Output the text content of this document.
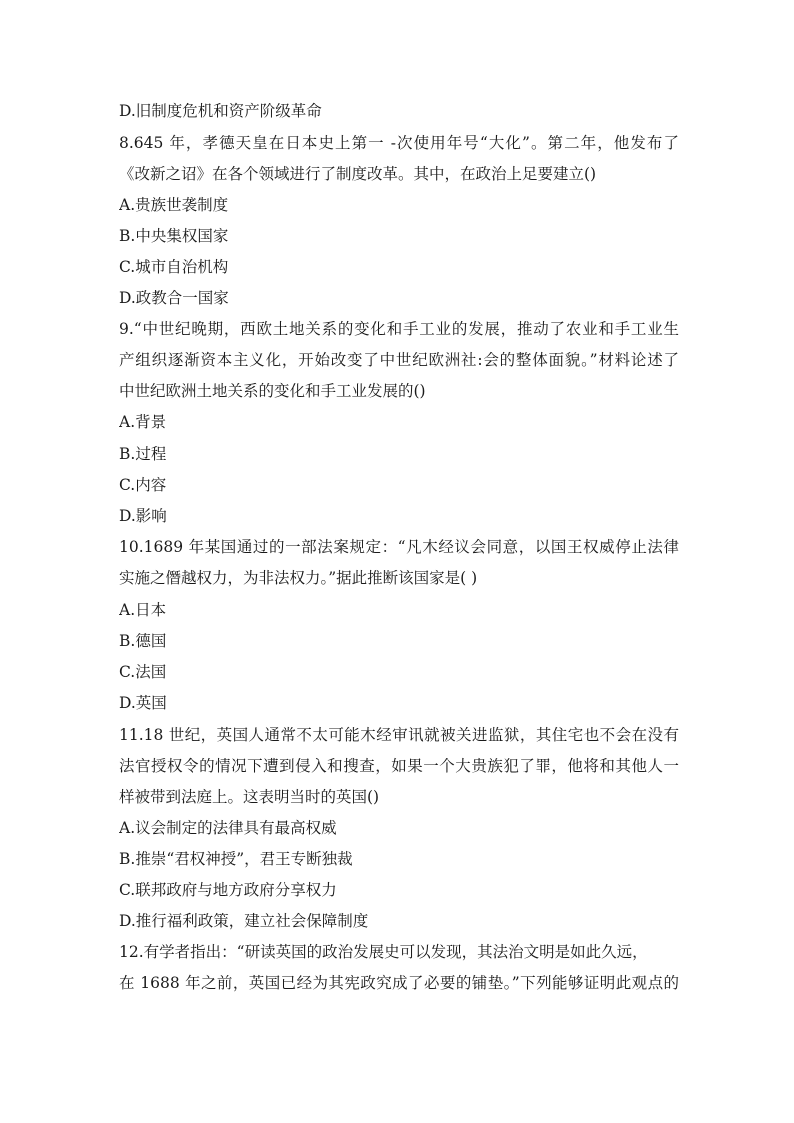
D.旧制度危机和资产阶级革命
8.645 年，孝德天皇在日本史上第一 -次使用年号“大化”。第二年，他发布了
《改新之诏》在各个领域进行了制度改革。其中，在政治上足要建立()
A.贵族世袭制度
B.中央集权国家
C.城市自治机构
D.政教合一国家
9.“中世纪晚期，西欧土地关系的变化和手工业的发展，推动了农业和手工业生
产组织逐渐资本主义化，开始改变了中世纪欧洲社:会的整体面貌。”材料论述了
中世纪欧洲土地关系的变化和手工业发展的()
A.背景
B.过程
C.内容
D.影响
10.1689 年某国通过的一部法案规定：“凡木经议会同意，以国王权威停止法律
实施之僭越权力，为非法权力。”据此推断该国家是( )
A.日本
B.德国
C.法国
D.英国
11.18 世纪，英国人通常不太可能木经审讯就被关进监狱，其住宅也不会在没有
法官授权令的情况下遭到侵入和搜查，如果一个大贵族犯了罪，他将和其他人一
样被带到法庭上。这表明当时的英国()
A.议会制定的法律具有最高权威
B.推崇“君权神授”，君王专断独裁
C.联邦政府与地方政府分享权力
D.推行福利政策，建立社会保障制度
12.有学者指出：“研读英国的政治发展史可以发现，其法治文明是如此久远，
在 1688 年之前，英国已经为其宪政究成了必要的铺垫。”下列能够证明此观点的
